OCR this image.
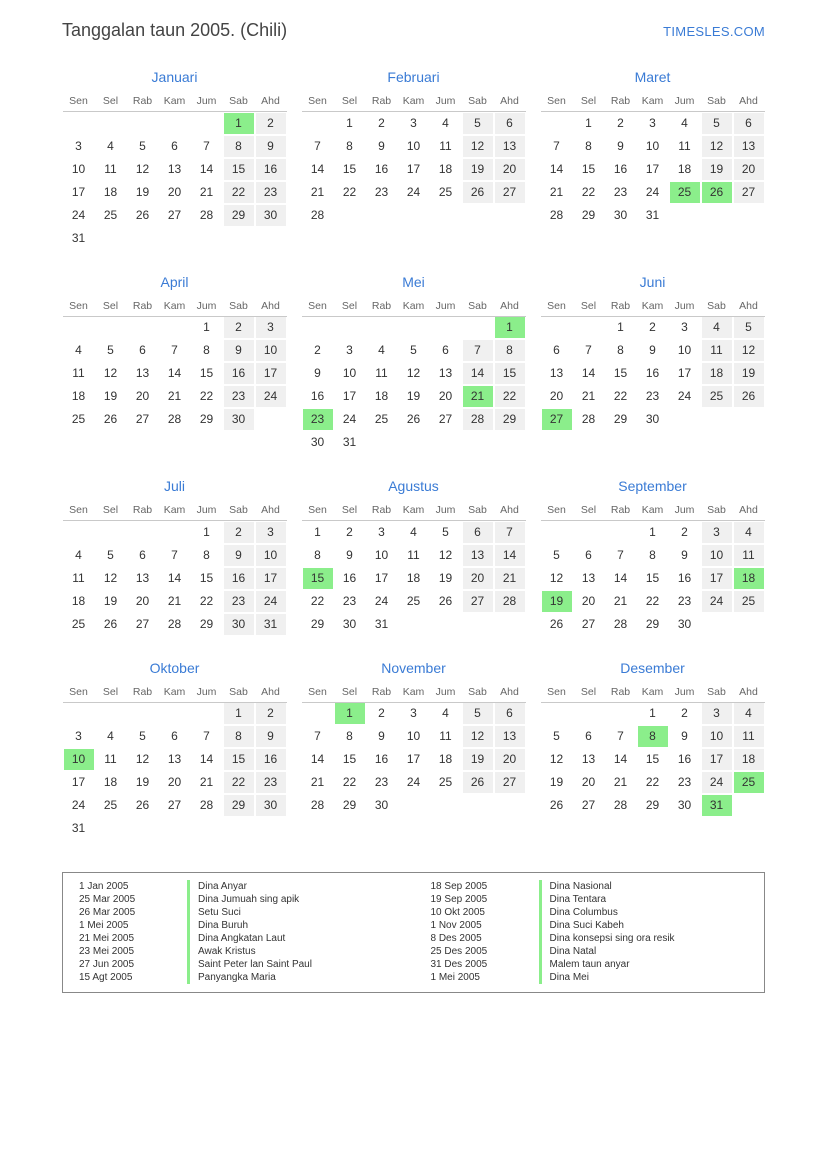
Tanggalan taun 2005. (Chili)	TIMESLES.COM
Januari
Sen	Sel	Rab	Kam	Jum	Sab	Ahd

					1	2

3	4	5	6	7	8	9

10	11	12	13	14	15	16

17	18	19	20	21	22	23

24	25	26	27	28	29	30

31						

Februari
Sen	Sel	Rab	Kam	Jum	Sab	Ahd

	1	2	3	4	5	6

7	8	9	10	11	12	13

14	15	16	17	18	19	20

21	22	23	24	25	26	27

28						

Maret
Sen	Sel	Rab	Kam	Jum	Sab	Ahd

	1	2	3	4	5	6

7	8	9	10	11	12	13

14	15	16	17	18	19	20

21	22	23	24	25	26	27

28	29	30	31			

April
Sen	Sel	Rab	Kam	Jum	Sab	Ahd

				1	2	3

4	5	6	7	8	9	10

11	12	13	14	15	16	17

18	19	20	21	22	23	24

25	26	27	28	29	30	

Mei
Sen	Sel	Rab	Kam	Jum	Sab	Ahd

						1

2	3	4	5	6	7	8

9	10	11	12	13	14	15

16	17	18	19	20	21	22

23	24	25	26	27	28	29

30	31					

Juni
Sen	Sel	Rab	Kam	Jum	Sab	Ahd

		1	2	3	4	5

6	7	8	9	10	11	12

13	14	15	16	17	18	19

20	21	22	23	24	25	26

27	28	29	30			

Juli
Sen	Sel	Rab	Kam	Jum	Sab	Ahd

				1	2	3

4	5	6	7	8	9	10

11	12	13	14	15	16	17

18	19	20	21	22	23	24

25	26	27	28	29	30	31
Agustus
Sen	Sel	Rab	Kam	Jum	Sab	Ahd

1	2	3	4	5	6	7

8	9	10	11	12	13	14

15	16	17	18	19	20	21

22	23	24	25	26	27	28

29	30	31				

September
Sen	Sel	Rab	Kam	Jum	Sab	Ahd

			1	2	3	4

5	6	7	8	9	10	11

12	13	14	15	16	17	18

19	20	21	22	23	24	25

26	27	28	29	30		

Oktober
Sen	Sel	Rab	Kam	Jum	Sab	Ahd

					1	2

3	4	5	6	7	8	9

10	11	12	13	14	15	16

17	18	19	20	21	22	23

24	25	26	27	28	29	30

31						

November
Sen	Sel	Rab	Kam	Jum	Sab	Ahd

	1	2	3	4	5	6

7	8	9	10	11	12	13

14	15	16	17	18	19	20

21	22	23	24	25	26	27

28	29	30				

Desember
Sen	Sel	Rab	Kam	Jum	Sab	Ahd

			1	2	3	4

5	6	7	8	9	10	11

12	13	14	15	16	17	18

19	20	21	22	23	24	25

26	27	28	29	30	31	

1 Jan 2005	Dina Anyar
25 Mar 2005	Dina Jumuah sing apik
26 Mar 2005	Setu Suci
1 Mei 2005	Dina Buruh
21 Mei 2005	Dina Angkatan Laut
23 Mei 2005	Awak Kristus
27 Jun 2005	Saint Peter lan Saint Paul
15 Agt 2005	Panyangka Maria
18 Sep 2005	Dina Nasional
19 Sep 2005	Dina Tentara
10 Okt 2005	Dina Columbus
1 Nov 2005	Dina Suci Kabeh
8 Des 2005	Dina konsepsi sing ora resik
25 Des 2005	Dina Natal
31 Des 2005	Malem taun anyar
1 Mei 2005	Dina Mei
